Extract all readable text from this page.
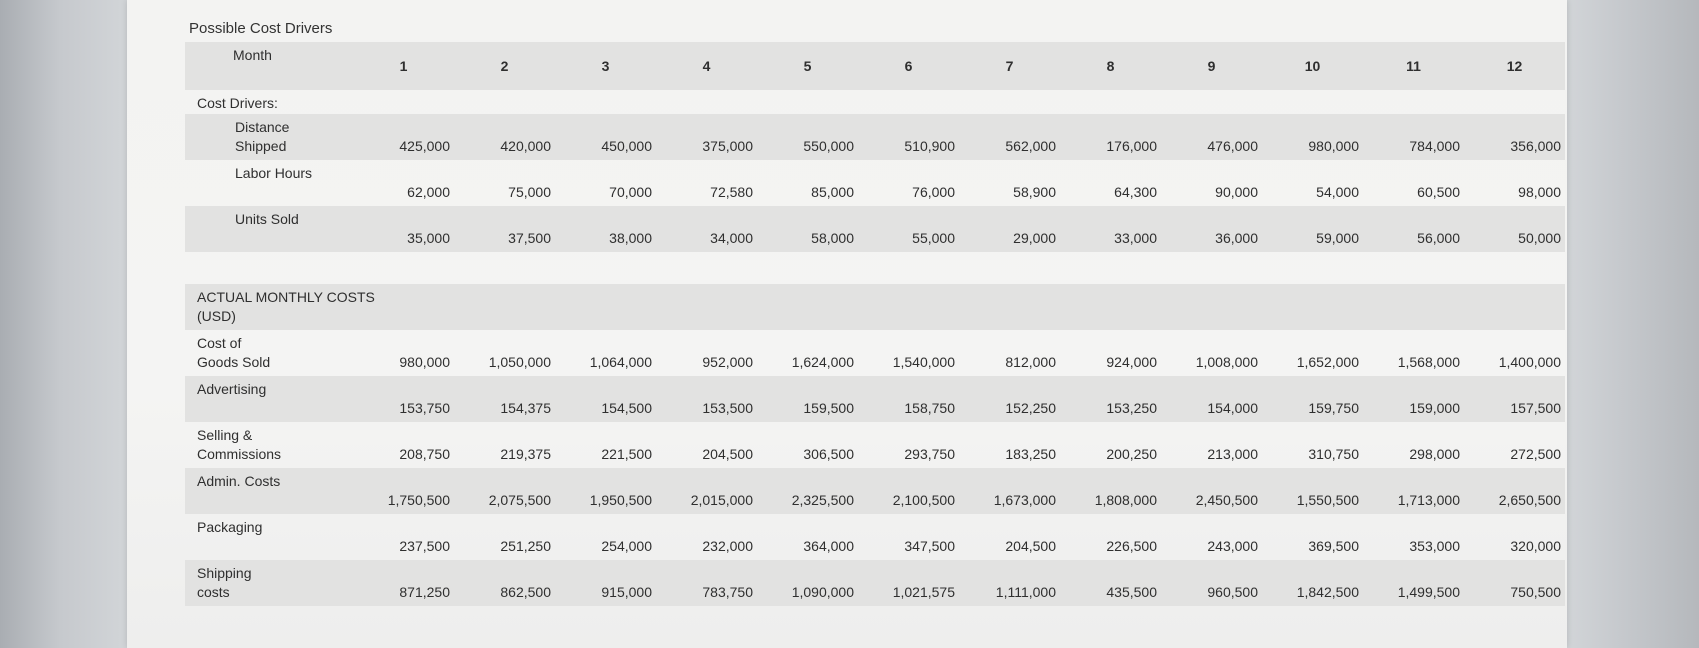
Possible Cost Drivers
Month	1	2	3	4	5	6	7	8	9	10	11	12
Cost Drivers:												

Distance
Shipped	425,000	420,000	450,000	375,000	550,000	510,900	562,000	176,000	476,000	980,000	784,000	356,000

Labor Hours	62,000	75,000	70,000	72,580	85,000	76,000	58,900	64,300	90,000	54,000	60,500	98,000

Units Sold	35,000	37,500	38,000	34,000	58,000	55,000	29,000	33,000	36,000	59,000	56,000	50,000

ACTUAL MONTHLY COSTS
(USD)												

Cost of
Goods Sold	980,000	1,050,000	1,064,000	952,000	1,624,000	1,540,000	812,000	924,000	1,008,000	1,652,000	1,568,000	1,400,000

Advertising	153,750	154,375	154,500	153,500	159,500	158,750	152,250	153,250	154,000	159,750	159,000	157,500

Selling &
Commissions	208,750	219,375	221,500	204,500	306,500	293,750	183,250	200,250	213,000	310,750	298,000	272,500

Admin. Costs	1,750,500	2,075,500	1,950,500	2,015,000	2,325,500	2,100,500	1,673,000	1,808,000	2,450,500	1,550,500	1,713,000	2,650,500

Packaging	237,500	251,250	254,000	232,000	364,000	347,500	204,500	226,500	243,000	369,500	353,000	320,000

Shipping
costs	871,250	862,500	915,000	783,750	1,090,000	1,021,575	1,111,000	435,500	960,500	1,842,500	1,499,500	750,500
